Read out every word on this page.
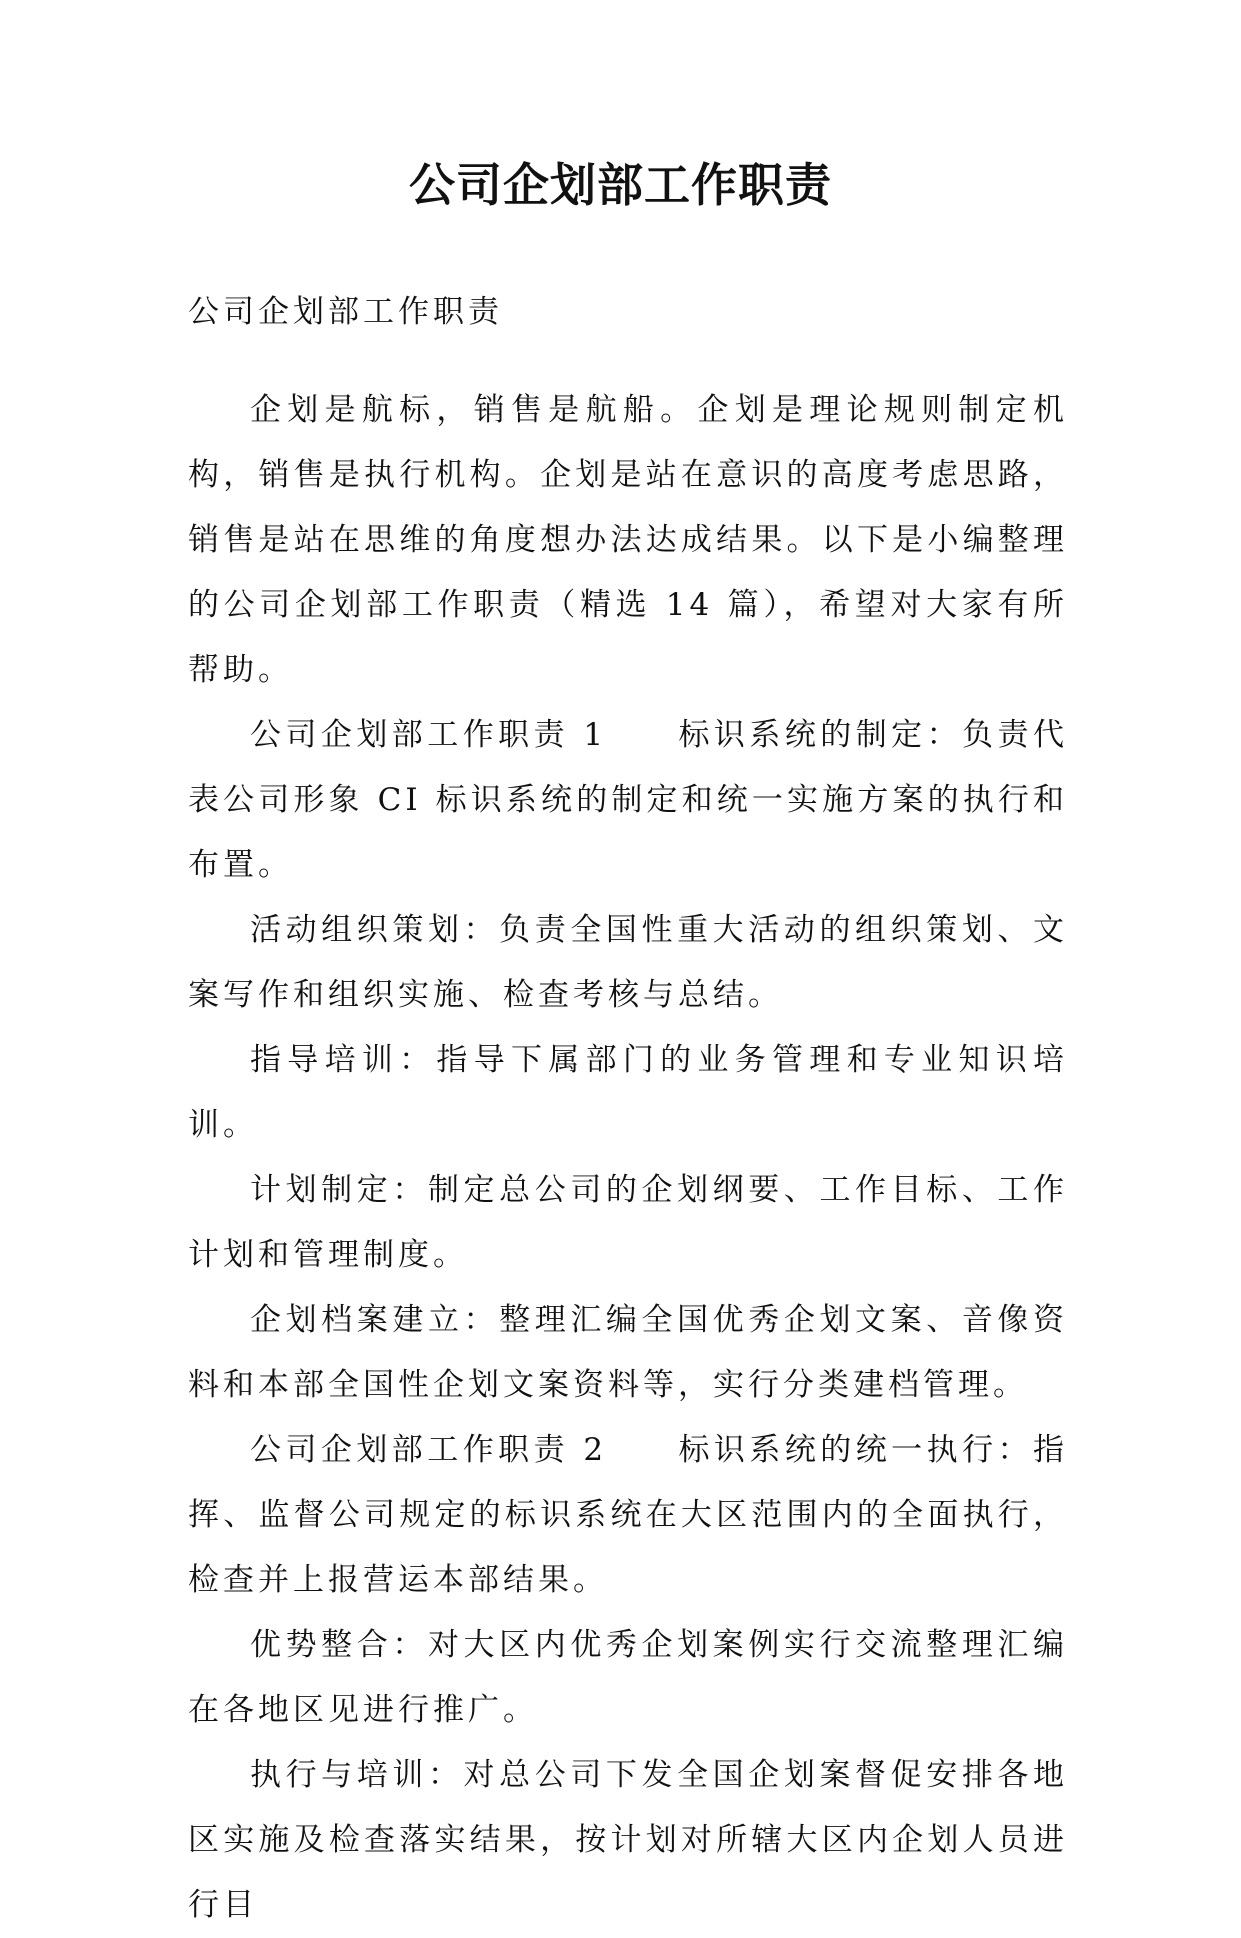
公司企划部工作职责

公司企划部工作职责

企划是航标，销售是航船。企划是理论规则制定机构，销售是执行机构。企划是站在意识的高度考虑思路，销售是站在思维的角度想办法达成结果。以下是小编整理的公司企划部工作职责（精选 14 篇），希望对大家有所帮助。

公司企划部工作职责 1　　标识系统的制定：负责代表公司形象 CI 标识系统的制定和统一实施方案的执行和布置。

活动组织策划：负责全国性重大活动的组织策划、文案写作和组织实施、检查考核与总结。

指导培训：指导下属部门的业务管理和专业知识培训。

计划制定：制定总公司的企划纲要、工作目标、工作计划和管理制度。

企划档案建立：整理汇编全国优秀企划文案、音像资料和本部全国性企划文案资料等，实行分类建档管理。

公司企划部工作职责 2　　标识系统的统一执行：指挥、监督公司规定的标识系统在大区范围内的全面执行，检查并上报营运本部结果。

优势整合：对大区内优秀企划案例实行交流整理汇编在各地区见进行推广。

执行与培训：对总公司下发全国企划案督促安排各地区实施及检查落实结果，按计划对所辖大区内企划人员进行目
